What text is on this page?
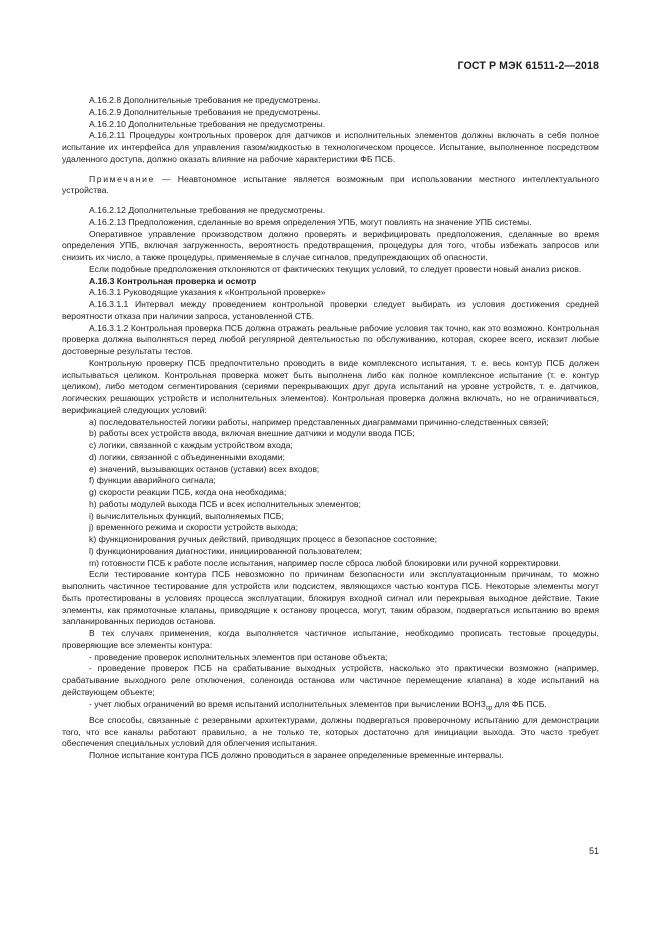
ГОСТ Р МЭК 61511-2—2018

А.16.2.8 Дополнительные требования не предусмотрены.

А.16.2.9 Дополнительные требования не предусмотрены.

А.16.2.10 Дополнительные требования не предусмотрены.

А.16.2.11 Процедуры контрольных проверок для датчиков и исполнительных элементов должны включать в себя полное испытание их интерфейса для управления газом/жидкостью в технологическом процессе. Испытание, выполненное посредством удаленного доступа, должно оказать влияние на рабочие характеристики ФБ ПСБ.

Примечание — Неавтономное испытание является возможным при использовании местного интеллектуального устройства.

А.16.2.12 Дополнительные требования не предусмотрены.

А.16.2.13 Предположения, сделанные во время определения УПБ, могут повлиять на значение УПБ системы.

Оперативное управление производством должно проверять и верифицировать предположения, сделанные во время определения УПБ, включая загруженность, вероятность предотвращения, процедуры для того, чтобы избежать запросов или снизить их число, а также процедуры, применяемые в случае сигналов, предупреждающих об опасности.

Если подобные предположения отклоняются от фактических текущих условий, то следует провести новый анализ рисков.

А.16.3 Контрольная проверка и осмотр

А.16.3.1 Руководящие указания к «Контрольной проверке»

А.16.3.1.1 Интервал между проведением контрольной проверки следует выбирать из условия достижения средней вероятности отказа при наличии запроса, установленной СТБ.

А.16.3.1.2 Контрольная проверка ПСБ должна отражать реальные рабочие условия так точно, как это возможно. Контрольная проверка должна выполняться перед любой регулярной деятельностью по обслуживанию, которая, скорее всего, исказит любые достоверные результаты тестов.

Контрольную проверку ПСБ предпочтительно проводить в виде комплексного испытания, т. е. весь контур ПСБ должен испытываться целиком. Контрольная проверка может быть выполнена либо как полное комплексное испытание (т. е. контур целиком), либо методом сегментирования (сериями перекрывающих друг друга испытаний на уровне устройств, т. е. датчиков, логических решающих устройств и исполнительных элементов). Контрольная проверка должна включать, но не ограничиваться, верификацией следующих условий:

а) последовательностей логики работы, например представленных диаграммами причинно-следственных связей;

b) работы всех устройств ввода, включая внешние датчики и модули ввода ПСБ;

c) логики, связанной с каждым устройством входа;

d) логики, связанной с объединенными входами;

e) значений, вызывающих останов (уставки) всех входов;

f) функции аварийного сигнала;

g) скорости реакции ПСБ, когда она необходима;

h) работы модулей выхода ПСБ и всех исполнительных элементов;

i) вычислительных функций, выполняемых ПСБ;

j) временного режима и скорости устройств выхода;

k) функционирования ручных действий, приводящих процесс в безопасное состояние;

l) функционирования диагностики, инициированной пользователем;

m) готовности ПСБ к работе после испытания, например после сброса любой блокировки или ручной корректировки.

Если тестирование контура ПСБ невозможно по причинам безопасности или эксплуатационным причинам, то можно выполнить частичное тестирование для устройств или подсистем, являющихся частью контура ПСБ. Некоторые элементы могут быть протестированы в условиях процесса эксплуатации, блокируя входной сигнал или перекрывая выходное действие. Такие элементы, как прямоточные клапаны, приводящие к останову процесса, могут, таким образом, подвергаться испытанию во время запланированных периодов останова.

В тех случаях применения, когда выполняется частичное испытание, необходимо прописать тестовые процедуры, проверяющие все элементы контура:

- проведение проверок исполнительных элементов при останове объекта;

- проведение проверок ПСБ на срабатывание выходных устройств, насколько это практически возможно (например, срабатывание выходного реле отключения, соленоида останова или частичное перемещение клапана) в ходе испытаний на действующем объекте;

- учет любых ограничений во время испытаний исполнительных элементов при вычислении $ВОНЗ_{ср}$ для ФБ ПСБ.

Все способы, связанные с резервными архитектурами, должны подвергаться проверочному испытанию для демонстрации того, что все каналы работают правильно, а не только те, которых достаточно для инициации выхода. Это часто требует обеспечения специальных условий для облегчения испытания.

Полное испытание контура ПСБ должно проводиться в заранее определенные временные интервалы.

51
